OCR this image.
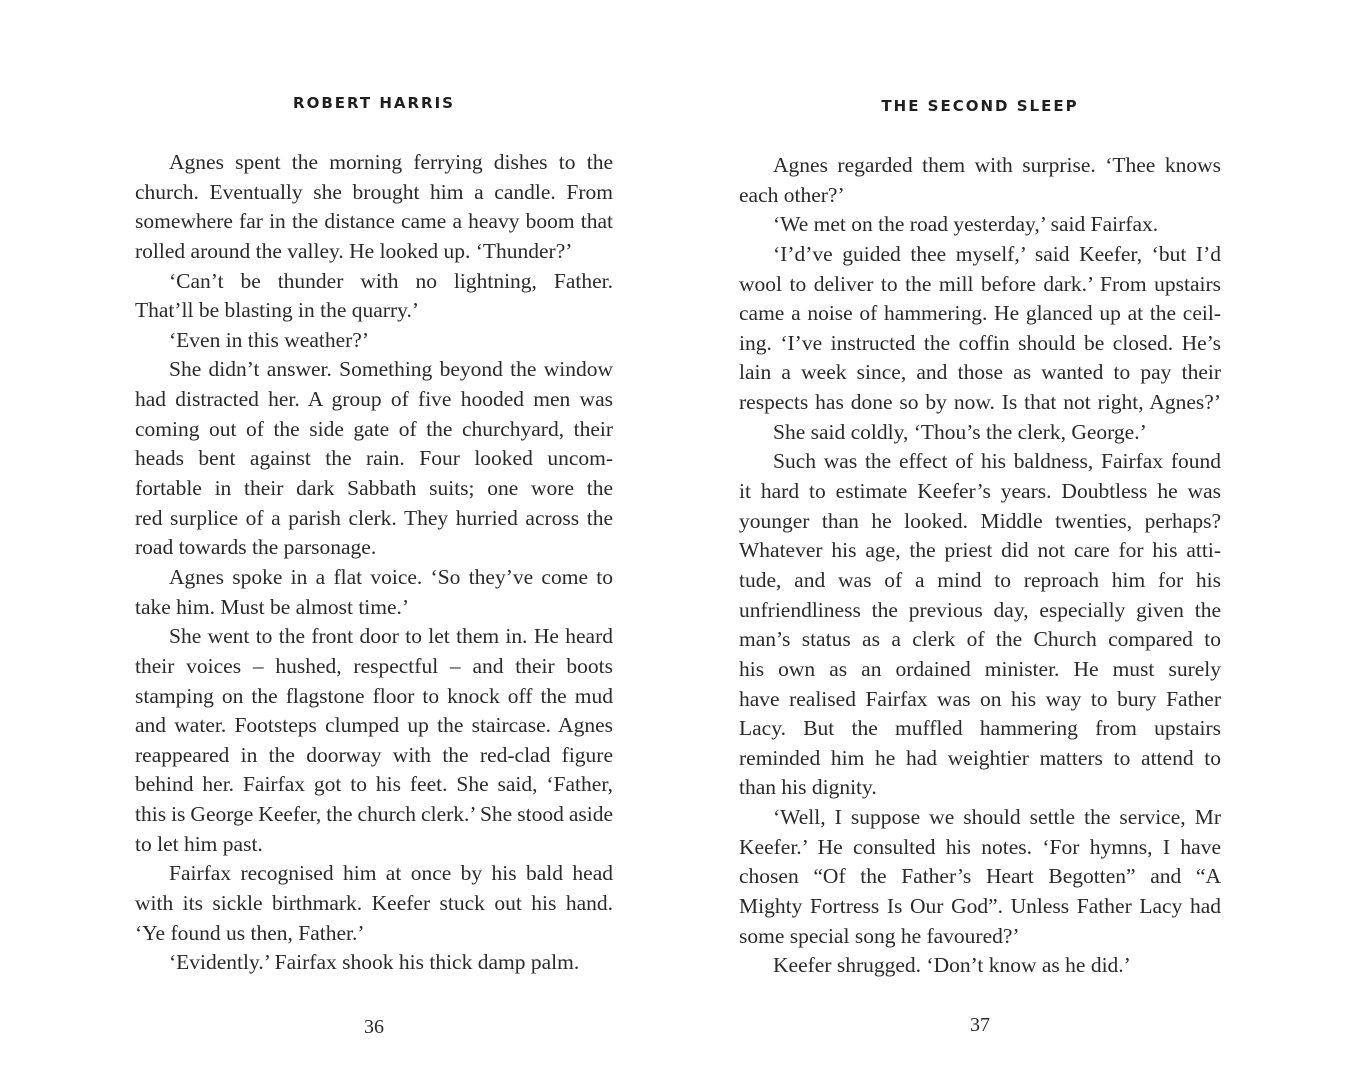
ROBERT HARRIS
Agnes spent the morning ferrying dishes to the
church. Eventually she brought him a candle. From
somewhere far in the distance came a heavy boom that
rolled around the valley. He looked up. ‘Thunder?’
‘Can’t be thunder with no lightning, Father.
That’ll be blasting in the quarry.’
‘Even in this weather?’
She didn’t answer. Something beyond the window
had distracted her. A group of five hooded men was
coming out of the side gate of the churchyard, their
heads bent against the rain. Four looked uncom-
fortable in their dark Sabbath suits; one wore the
red surplice of a parish clerk. They hurried across the
road towards the parsonage.
Agnes spoke in a flat voice. ‘So they’ve come to
take him. Must be almost time.’
She went to the front door to let them in. He heard
their voices – hushed, respectful – and their boots
stamping on the flagstone floor to knock off the mud
and water. Footsteps clumped up the staircase. Agnes
reappeared in the doorway with the red-clad figure
behind her. Fairfax got to his feet. She said, ‘Father,
this is George Keefer, the church clerk.’ She stood aside
to let him past.
Fairfax recognised him at once by his bald head
with its sickle birthmark. Keefer stuck out his hand.
‘Ye found us then, Father.’
‘Evidently.’ Fairfax shook his thick damp palm.
36
THE SECOND SLEEP
Agnes regarded them with surprise. ‘Thee knows
each other?’
‘We met on the road yesterday,’ said Fairfax.
‘I’d’ve guided thee myself,’ said Keefer, ‘but I’d
wool to deliver to the mill before dark.’ From upstairs
came a noise of hammering. He glanced up at the ceil-
ing. ‘I’ve instructed the coffin should be closed. He’s
lain a week since, and those as wanted to pay their
respects has done so by now. Is that not right, Agnes?’
She said coldly, ‘Thou’s the clerk, George.’
Such was the effect of his baldness, Fairfax found
it hard to estimate Keefer’s years. Doubtless he was
younger than he looked. Middle twenties, perhaps?
Whatever his age, the priest did not care for his atti-
tude, and was of a mind to reproach him for his
unfriendliness the previous day, especially given the
man’s status as a clerk of the Church compared to
his own as an ordained minister. He must surely
have realised Fairfax was on his way to bury Father
Lacy. But the muffled hammering from upstairs
reminded him he had weightier matters to attend to
than his dignity.
‘Well, I suppose we should settle the service, Mr
Keefer.’ He consulted his notes. ‘For hymns, I have
chosen “Of the Father’s Heart Begotten” and “A
Mighty Fortress Is Our God”. Unless Father Lacy had
some special song he favoured?’
Keefer shrugged. ‘Don’t know as he did.’
37
